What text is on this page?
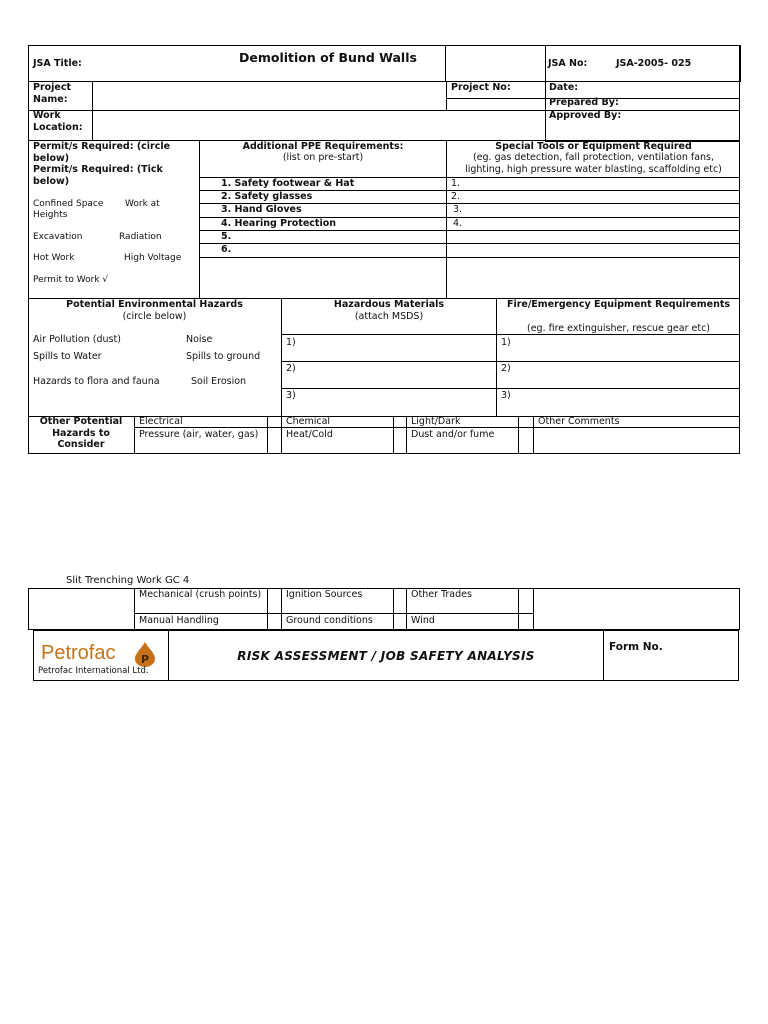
JSA Title:	Demolition of Bund Walls
		JSA No:	JSA-2005- 025
Project Name:
Project No:	Date:
Prepared By:
Work Location:
Approved By:
Permit/s Required: (circle below)
Permit/s Required: (Tick below)
Confined Space	Work at
Heights
Excavation	Radiation
Hot Work	High Voltage
Permit to Work √
Additional PPE Requirements:
(list on pre-start)
Special Tools or Equipment Required
(eg. gas detection, fall protection, ventilation fans,
lighting, high pressure water blasting, scaffolding etc)
1. Safety footwear & Hat
2. Safety glasses
3. Hand Gloves
4. Hearing Protection
5.
6.
1.
2.
3.
4.
Potential Environmental Hazards
(circle below)
Air Pollution (dust)	Noise
Spills to Water	Spills to ground
Hazards to flora and fauna	Soil Erosion
Hazardous Materials
(attach MSDS)
1)
2)
3)
Fire/Emergency Equipment Requirements
(eg. fire extinguisher, rescue gear etc)
1)
2)
3)
Other Potential Hazards to Consider
Electrical	Chemical	Light/Dark	Other Comments
Pressure (air, water, gas)	Heat/Cold	Dust and/or fume
Slit Trenching Work GC 4
Mechanical (crush points)	Ignition Sources	Other Trades
Manual Handling	Ground conditions	Wind
Petrofac P
Petrofac International Ltd.
RISK ASSESSMENT / JOB SAFETY ANALYSIS
Form No.
